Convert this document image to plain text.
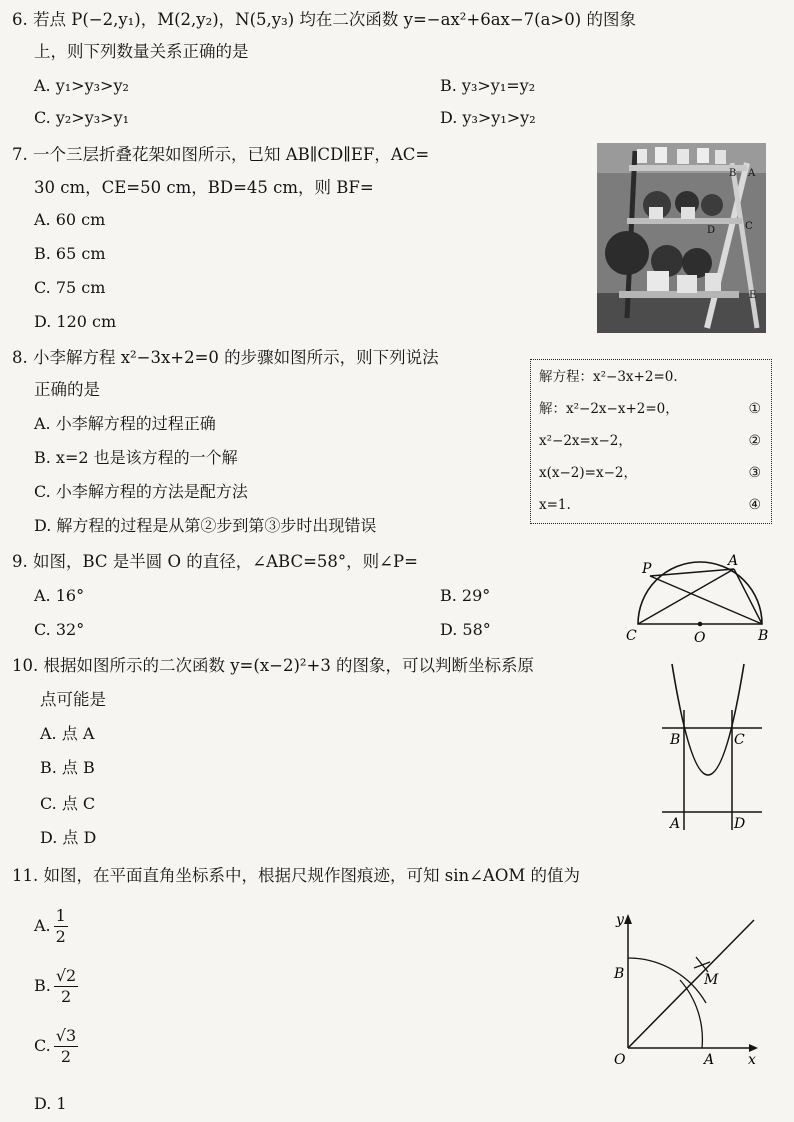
6. 若点 P(−2,y₁)，M(2,y₂)，N(5,y₃) 均在二次函数 y=−ax²+6ax−7(a>0) 的图象
上，则下列数量关系正确的是
A. y₁>y₃>y₂	B. y₃>y₁=y₂
C. y₂>y₃>y₁	D. y₃>y₁>y₂
7. 一个三层折叠花架如图所示，已知 AB∥CD∥EF，AC=
30 cm，CE=50 cm，BD=45 cm，则 BF=
A. 60 cm
B. 65 cm
C. 75 cm
D. 120 cm
B A
C
D
E
8. 小李解方程 x²−3x+2=0 的步骤如图所示，则下列说法
正确的是
A. 小李解方程的过程正确
B. x=2 也是该方程的一个解
C. 小李解方程的方法是配方法
D. 解方程的过程是从第②步到第③步时出现错误
解方程：x²−3x+2=0.
解：x²−2x−x+2=0，	①
x²−2x=x−2，	②
x(x−2)=x−2，	③
x=1.	④
9. 如图，BC 是半圆 O 的直径，∠ABC=58°，则∠P=
A. 16°	B. 29°
C. 32°	D. 58°
P	A
C	O	B
10. 根据如图所示的二次函数 y=(x−2)²+3 的图象，可以判断坐标系原
点可能是
A. 点 A
B. 点 B
C. 点 C
D. 点 D
B	C
A	D
11. 如图，在平面直角坐标系中，根据尺规作图痕迹，可知 sin∠AOM 的值为
A. $\frac{1}{2}$
B. $\frac{√2}{2}$
C. $\frac{√3}{2}$
D. 1
y
B	M
O	A x
